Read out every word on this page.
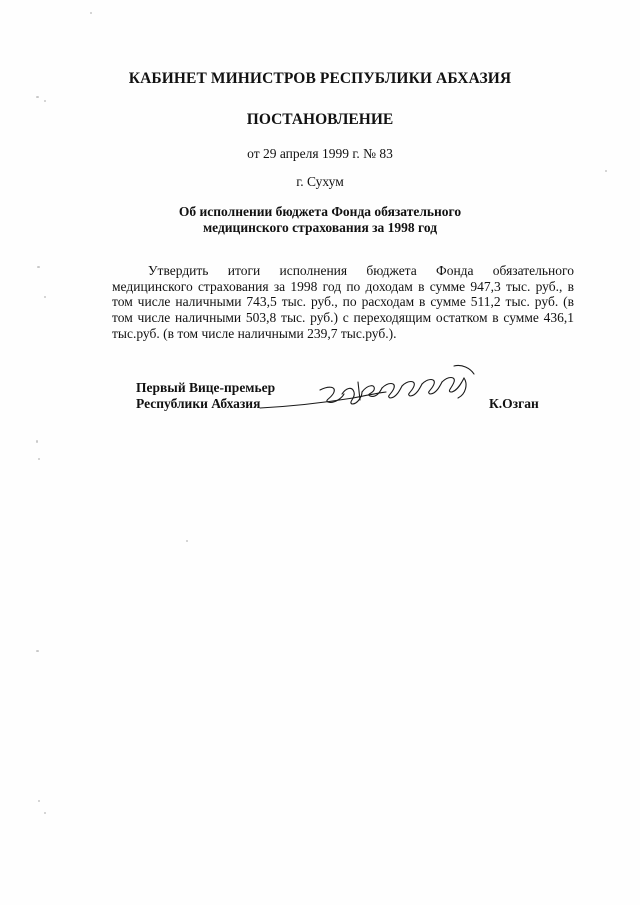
КАБИНЕТ МИНИСТРОВ РЕСПУБЛИКИ АБХАЗИЯ
ПОСТАНОВЛЕНИЕ
от 29 апреля 1999 г. № 83
г. Сухум
Об исполнении бюджета Фонда обязательного
медицинского страхования за 1998 год
Утвердить итоги исполнения бюджета Фонда обязательного медицинского страхования за 1998 год по доходам в сумме 947,3 тыс. руб., в том числе наличными 743,5 тыс. руб., по расходам в сумме 511,2 тыс. руб. (в том числе наличными 503,8 тыс. руб.) с переходящим остатком в сумме 436,1 тыс.руб. (в том числе наличными 239,7 тыс.руб.).
Первый Вице-премьер
Республики Абхазия	К.Озган
